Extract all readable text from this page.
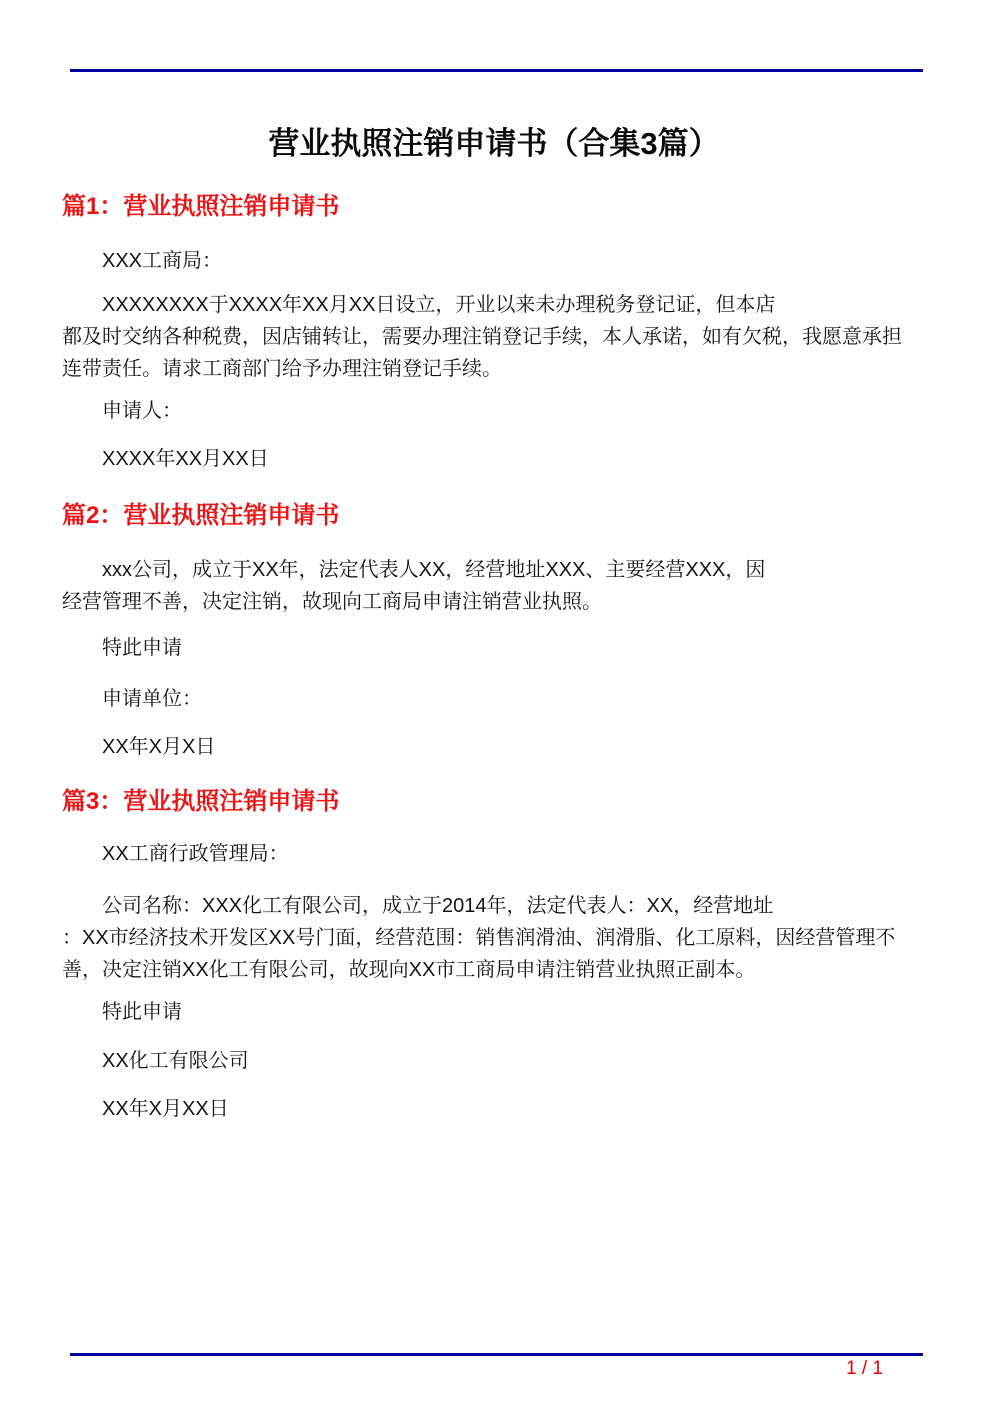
营业执照注销申请书（合集3篇）
篇1：营业执照注销申请书
XXX工商局：
XXXXXXXX于XXXX年XX月XX日设立，开业以来未办理税务登记证，但本店
都及时交纳各种税费，因店铺转让，需要办理注销登记手续，本人承诺，如有欠税，我愿意承担
连带责任。请求工商部门给予办理注销登记手续。
申请人：
XXXX年XX月XX日
篇2：营业执照注销申请书
xxx公司，成立于XX年，法定代表人XX，经营地址XXX、主要经营XXX，因
经营管理不善，决定注销，故现向工商局申请注销营业执照。
特此申请
申请单位：
XX年X月X日
篇3：营业执照注销申请书
XX工商行政管理局：
公司名称：XXX化工有限公司，成立于2014年，法定代表人：XX，经营地址
：XX市经济技术开发区XX号门面，经营范围：销售润滑油、润滑脂、化工原料，因经营管理不
善，决定注销XX化工有限公司，故现向XX市工商局申请注销营业执照正副本。
特此申请
XX化工有限公司
XX年X月XX日
1 / 1
